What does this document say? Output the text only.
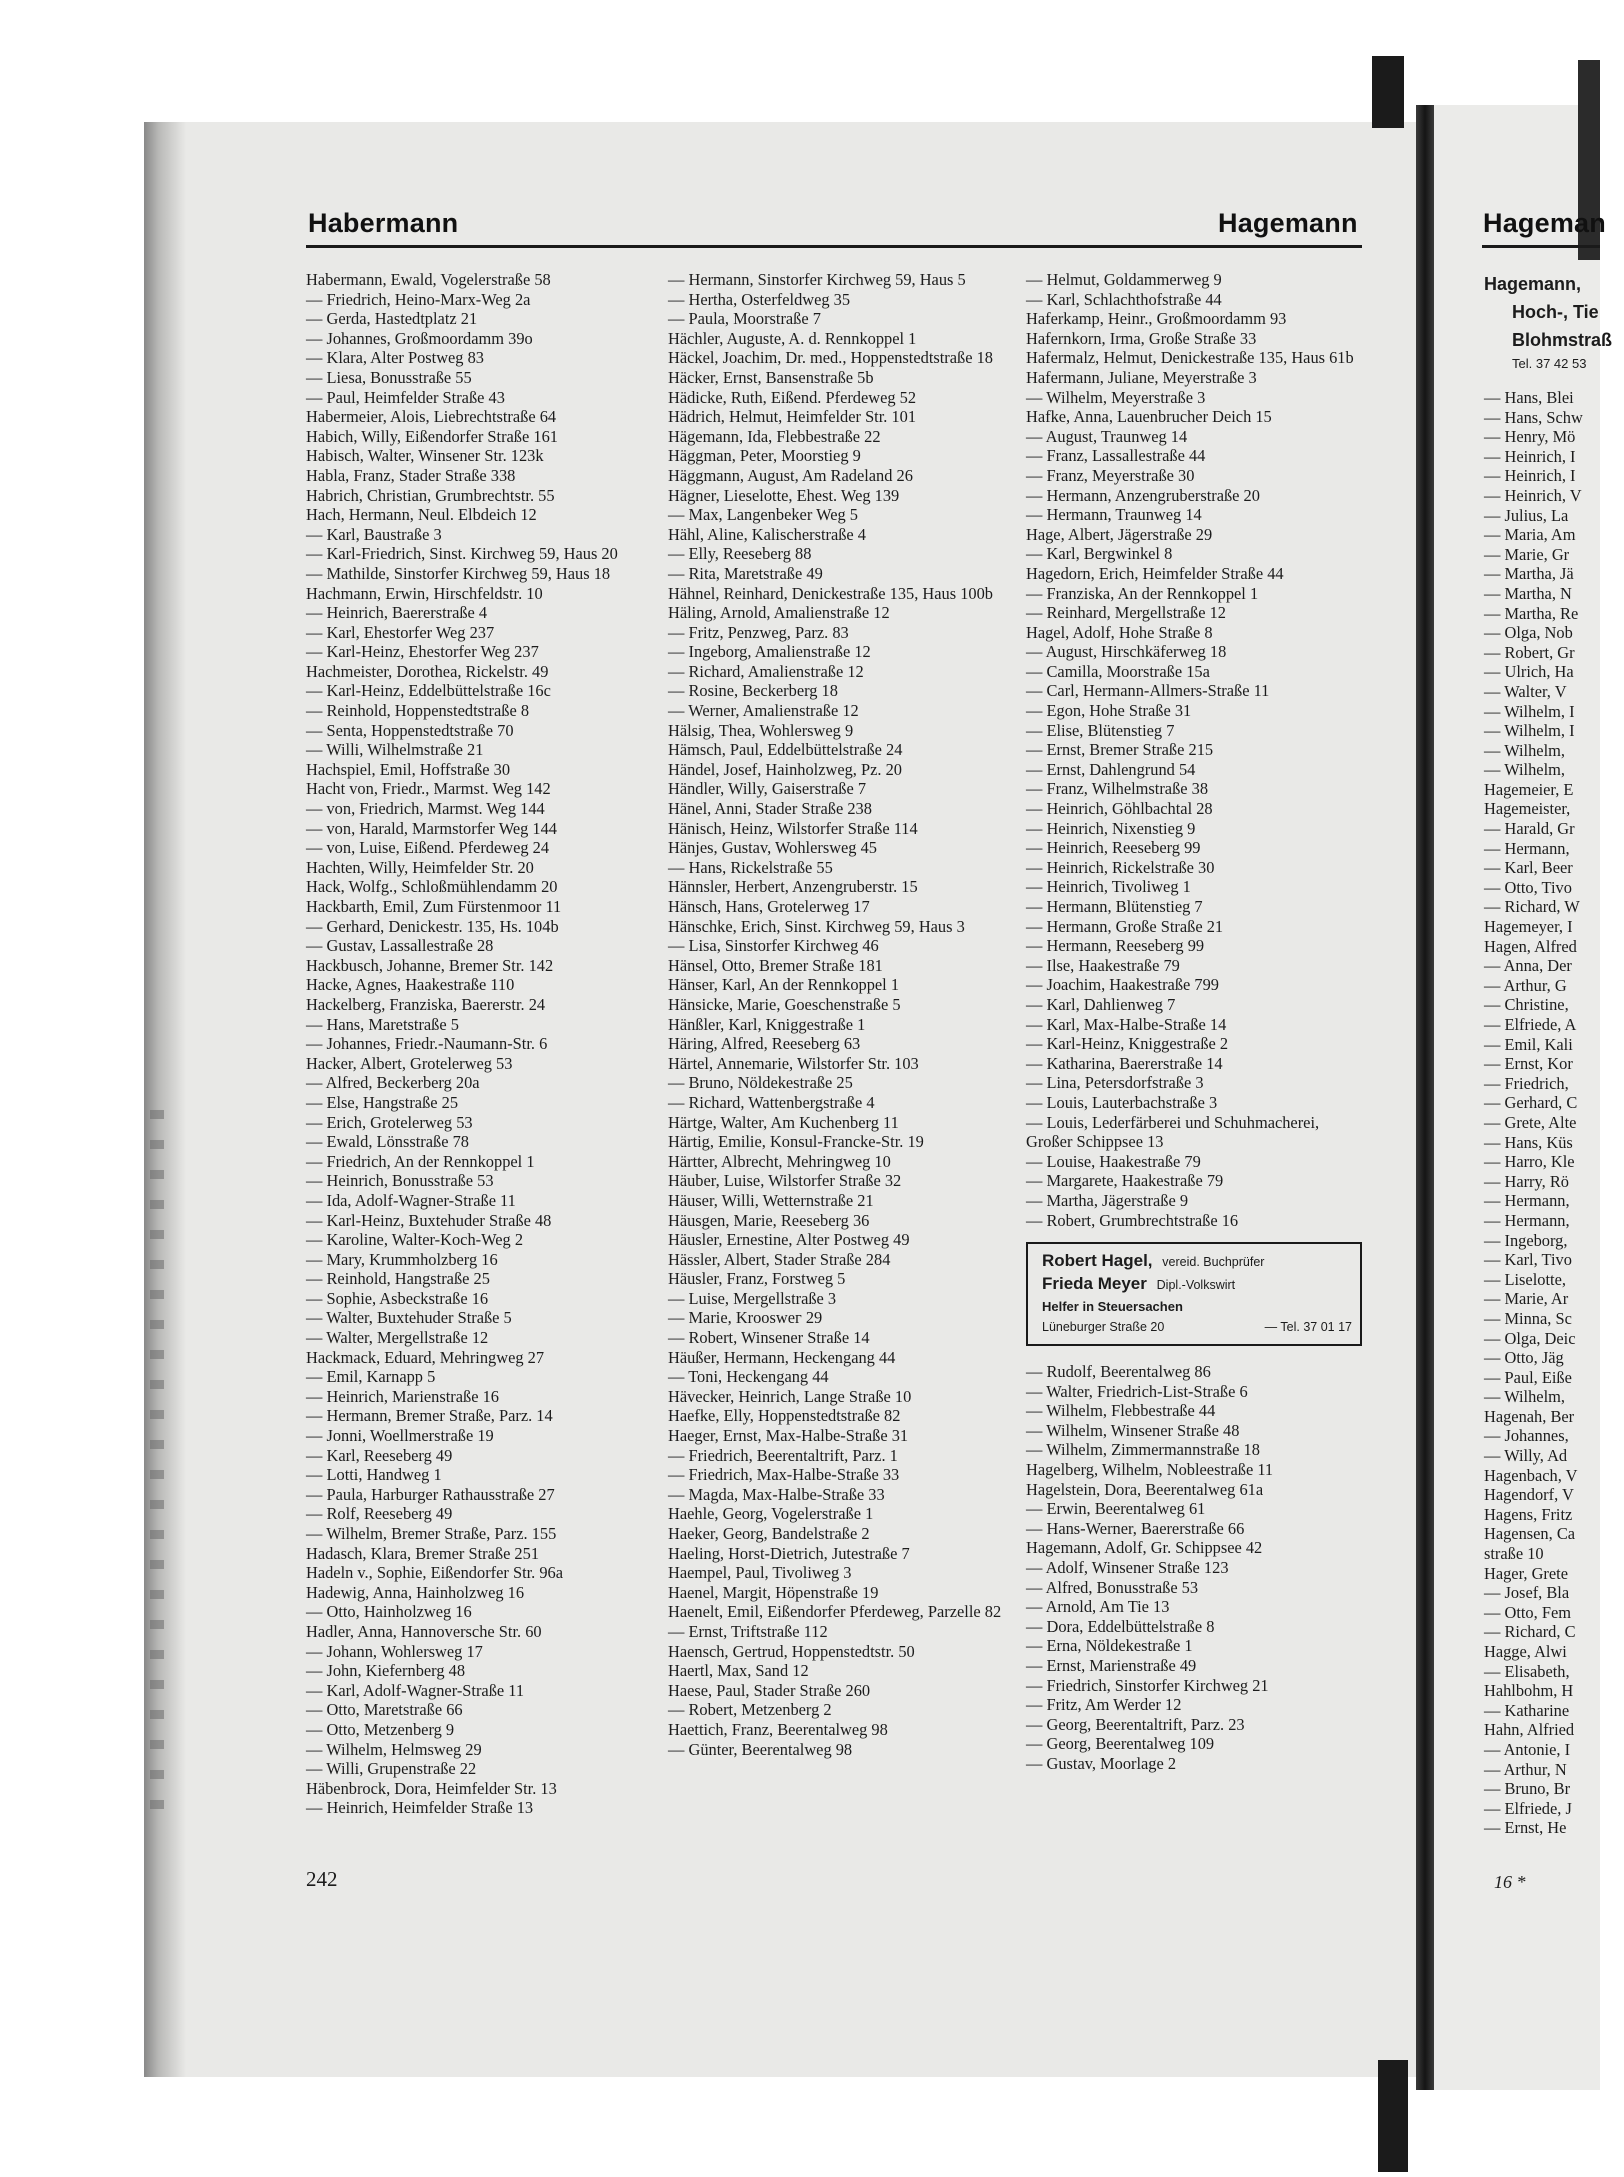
Habermann	Hagemann	Hageman
Habermann, Ewald, Vogelerstraße 58
— Friedrich, Heino-Marx-Weg 2a
— Gerda, Hastedtplatz 21
— Johannes, Großmoordamm 39o
— Klara, Alter Postweg 83
— Liesa, Bonusstraße 55
— Paul, Heimfelder Straße 43
Habermeier, Alois, Liebrechtstraße 64
Habich, Willy, Eißendorfer Straße 161
Habisch, Walter, Winsener Str. 123k
Habla, Franz, Stader Straße 338
Habrich, Christian, Grumbrechtstr. 55
Hach, Hermann, Neul. Elbdeich 12
— Karl, Baustraße 3
— Karl-Friedrich, Sinst. Kirchweg 59, Haus 20
— Mathilde, Sinstorfer Kirchweg 59, Haus 18
Hachmann, Erwin, Hirschfeldstr. 10
— Heinrich, Baererstraße 4
— Karl, Ehestorfer Weg 237
— Karl-Heinz, Ehestorfer Weg 237
Hachmeister, Dorothea, Rickelstr. 49
— Karl-Heinz, Eddelbüttelstraße 16c
— Reinhold, Hoppenstedtstraße 8
— Senta, Hoppenstedtstraße 70
— Willi, Wilhelmstraße 21
Hachspiel, Emil, Hoffstraße 30
Hacht von, Friedr., Marmst. Weg 142
— von, Friedrich, Marmst. Weg 144
— von, Harald, Marmstorfer Weg 144
— von, Luise, Eißend. Pferdeweg 24
Hachten, Willy, Heimfelder Str. 20
Hack, Wolfg., Schloßmühlendamm 20
Hackbarth, Emil, Zum Fürstenmoor 11
— Gerhard, Denickestr. 135, Hs. 104b
— Gustav, Lassallestraße 28
Hackbusch, Johanne, Bremer Str. 142
Hacke, Agnes, Haakestraße 110
Hackelberg, Franziska, Baererstr. 24
— Hans, Maretstraße 5
— Johannes, Friedr.-Naumann-Str. 6
Hacker, Albert, Grotelerweg 53
— Alfred, Beckerberg 20a
— Else, Hangstraße 25
— Erich, Grotelerweg 53
— Ewald, Lönsstraße 78
— Friedrich, An der Rennkoppel 1
— Heinrich, Bonusstraße 53
— Ida, Adolf-Wagner-Straße 11
— Karl-Heinz, Buxtehuder Straße 48
— Karoline, Walter-Koch-Weg 2
— Mary, Krummholzberg 16
— Reinhold, Hangstraße 25
— Sophie, Asbeckstraße 16
— Walter, Buxtehuder Straße 5
— Walter, Mergellstraße 12
Hackmack, Eduard, Mehringweg 27
— Emil, Karnapp 5
— Heinrich, Marienstraße 16
— Hermann, Bremer Straße, Parz. 14
— Jonni, Woellmerstraße 19
— Karl, Reeseberg 49
— Lotti, Handweg 1
— Paula, Harburger Rathausstraße 27
— Rolf, Reeseberg 49
— Wilhelm, Bremer Straße, Parz. 155
Hadasch, Klara, Bremer Straße 251
Hadeln v., Sophie, Eißendorfer Str. 96a
Hadewig, Anna, Hainholzweg 16
— Otto, Hainholzweg 16
Hadler, Anna, Hannoversche Str. 60
— Johann, Wohlersweg 17
— John, Kiefernberg 48
— Karl, Adolf-Wagner-Straße 11
— Otto, Maretstraße 66
— Otto, Metzenberg 9
— Wilhelm, Helmsweg 29
— Willi, Grupenstraße 22
Häbenbrock, Dora, Heimfelder Str. 13
— Heinrich, Heimfelder Straße 13
— Hermann, Sinstorfer Kirchweg 59, Haus 5
— Hertha, Osterfeldweg 35
— Paula, Moorstraße 7
Hächler, Auguste, A. d. Rennkoppel 1
Häckel, Joachim, Dr. med., Hoppenstedtstraße 18
Häcker, Ernst, Bansenstraße 5b
Hädicke, Ruth, Eißend. Pferdeweg 52
Hädrich, Helmut, Heimfelder Str. 101
Hägemann, Ida, Flebbestraße 22
Häggman, Peter, Moorstieg 9
Häggmann, August, Am Radeland 26
Hägner, Lieselotte, Ehest. Weg 139
— Max, Langenbeker Weg 5
Hähl, Aline, Kalischerstraße 4
— Elly, Reeseberg 88
— Rita, Maretstraße 49
Hähnel, Reinhard, Denickestraße 135, Haus 100b
Häling, Arnold, Amalienstraße 12
— Fritz, Penzweg, Parz. 83
— Ingeborg, Amalienstraße 12
— Richard, Amalienstraße 12
— Rosine, Beckerberg 18
— Werner, Amalienstraße 12
Hälsig, Thea, Wohlersweg 9
Hämsch, Paul, Eddelbüttelstraße 24
Händel, Josef, Hainholzweg, Pz. 20
Händler, Willy, Gaiserstraße 7
Hänel, Anni, Stader Straße 238
Hänisch, Heinz, Wilstorfer Straße 114
Hänjes, Gustav, Wohlersweg 45
— Hans, Rickelstraße 55
Hännsler, Herbert, Anzengruberstr. 15
Hänsch, Hans, Grotelerweg 17
Hänschke, Erich, Sinst. Kirchweg 59, Haus 3
— Lisa, Sinstorfer Kirchweg 46
Hänsel, Otto, Bremer Straße 181
Hänser, Karl, An der Rennkoppel 1
Hänsicke, Marie, Goeschenstraße 5
Hänßler, Karl, Kniggestraße 1
Häring, Alfred, Reeseberg 63
Härtel, Annemarie, Wilstorfer Str. 103
— Bruno, Nöldekestraße 25
— Richard, Wattenbergstraße 4
Härtge, Walter, Am Kuchenberg 11
Härtig, Emilie, Konsul-Francke-Str. 19
Härtter, Albrecht, Mehringweg 10
Häuber, Luise, Wilstorfer Straße 32
Häuser, Willi, Wetternstraße 21
Häusgen, Marie, Reeseberg 36
Häusler, Ernestine, Alter Postweg 49
Hässler, Albert, Stader Straße 284
Häusler, Franz, Forstweg 5
— Luise, Mergellstraße 3
— Marie, Krooswег 29
— Robert, Winsener Straße 14
Häußer, Hermann, Heckengang 44
— Toni, Heckengang 44
Hävecker, Heinrich, Lange Straße 10
Haefke, Elly, Hoppenstedtstraße 82
Haeger, Ernst, Max-Halbe-Straße 31
— Friedrich, Beerentaltrift, Parz. 1
— Friedrich, Max-Halbe-Straße 33
— Magda, Max-Halbe-Straße 33
Haehle, Georg, Vogelerstraße 1
Haeker, Georg, Bandelstraße 2
Haeling, Horst-Dietrich, Jutestraße 7
Haempel, Paul, Tivoliweg 3
Haenel, Margit, Höpenstraße 19
Haenelt, Emil, Eißendorfer Pferdeweg, Parzelle 82
— Ernst, Triftstraße 112
Haensch, Gertrud, Hoppenstedtstr. 50
Haertl, Max, Sand 12
Haese, Paul, Stader Straße 260
— Robert, Metzenberg 2
Haettich, Franz, Beerentalweg 98
— Günter, Beerentalweg 98
— Helmut, Goldammerweg 9
— Karl, Schlachthofstraße 44
Haferkamp, Heinr., Großmoordamm 93
Hafernkorn, Irma, Große Straße 33
Hafermalz, Helmut, Denickestraße 135, Haus 61b
Hafermann, Juliane, Meyerstraße 3
— Wilhelm, Meyerstraße 3
Hafke, Anna, Lauenbrucher Deich 15
— August, Traunweg 14
— Franz, Lassallestraße 44
— Franz, Meyerstraße 30
— Hermann, Anzengruberstraße 20
— Hermann, Traunweg 14
Hage, Albert, Jägerstraße 29
— Karl, Bergwinkel 8
Hagedorn, Erich, Heimfelder Straße 44
— Franziska, An der Rennkoppel 1
— Reinhard, Mergellstraße 12
Hagel, Adolf, Hohe Straße 8
— August, Hirschkäferweg 18
— Camilla, Moorstraße 15a
— Carl, Hermann-Allmers-Straße 11
— Egon, Hohe Straße 31
— Elise, Blütenstieg 7
— Ernst, Bremer Straße 215
— Ernst, Dahlengrund 54
— Franz, Wilhelmstraße 38
— Heinrich, Göhlbachtal 28
— Heinrich, Nixenstieg 9
— Heinrich, Reeseberg 99
— Heinrich, Rickelstraße 30
— Heinrich, Tivoliweg 1
— Hermann, Blütenstieg 7
— Hermann, Große Straße 21
— Hermann, Reeseberg 99
— Ilse, Haakestraße 79
— Joachim, Haakestraße 799
— Karl, Dahlienweg 7
— Karl, Max-Halbe-Straße 14
— Karl-Heinz, Kniggestraße 2
— Katharina, Baererstraße 14
— Lina, Petersdorfstraße 3
— Louis, Lauterbachstraße 3
— Louis, Lederfärberei und Schuhmacherei, Großer Schippsee 13
— Louise, Haakestraße 79
— Margarete, Haakestraße 79
— Martha, Jägerstraße 9
— Robert, Grumbrechtstraße 16
Robert Hagel, vereid. Buchprüfer
Frieda Meyer Dipl.-Volkswirt
Helfer in Steuersachen
Lüneburger Straße 20	— Tel. 37 01 17
— Rudolf, Beerentalweg 86
— Walter, Friedrich-List-Straße 6
— Wilhelm, Flebbestraße 44
— Wilhelm, Winsener Straße 48
— Wilhelm, Zimmermannstraße 18
Hagelberg, Wilhelm, Nobleestraße 11
Hagelstein, Dora, Beerentalweg 61a
— Erwin, Beerentalweg 61
— Hans-Werner, Baererstraße 66
Hagemann, Adolf, Gr. Schippsee 42
— Adolf, Winsener Straße 123
— Alfred, Bonusstraße 53
— Arnold, Am Tie 13
— Dora, Eddelbüttelstraße 8
— Erna, Nöldekestraße 1
— Ernst, Marienstraße 49
— Friedrich, Sinstorfer Kirchweg 21
— Fritz, Am Werder 12
— Georg, Beerentaltrift, Parz. 23
— Georg, Beerentalweg 109
— Gustav, Moorlage 2
Hagemann,
Hoch-, Tie
Blohmstraß
Tel. 37 42 53
— Hans, Blei
— Hans, Schw
— Henry, Mö
— Heinrich, I
— Heinrich, I
— Heinrich, V
— Julius, La
— Maria, Am
— Marie, Gr
— Martha, Jä
— Martha, N
— Martha, Re
— Olga, Nob
— Robert, Gr
— Ulrich, Ha
— Walter, V
— Wilhelm, I
— Wilhelm, I
— Wilhelm,
— Wilhelm,
Hagemeier, E
Hagemeister,
— Harald, Gr
— Hermann,
— Karl, Beer
— Otto, Tivo
— Richard, W
Hagemeyer, I
Hagen, Alfred
— Anna, Der
— Arthur, G
— Christine,
— Elfriede, A
— Emil, Kali
— Ernst, Kor
— Friedrich,
— Gerhard, C
— Grete, Alte
— Hans, Küs
— Harro, Kle
— Harry, Rö
— Hermann,
— Hermann,
— Ingeborg,
— Karl, Tivo
— Liselotte,
— Marie, Ar
— Minna, Sc
— Olga, Deic
— Otto, Jäg
— Paul, Eiße
— Wilhelm,
Hagenah, Ber
— Johannes,
— Willy, Ad
Hagenbach, V
Hagendorf, V
Hagens, Fritz
Hagensen, Ca
straße 10
Hager, Grete
— Josef, Bla
— Otto, Fem
— Richard, C
Hagge, Alwi
— Elisabeth,
Hahlbohm, H
— Katharine
Hahn, Alfried
— Antonie, I
— Arthur, N
— Bruno, Br
— Elfriede, J
— Ernst, He
242	16 *
